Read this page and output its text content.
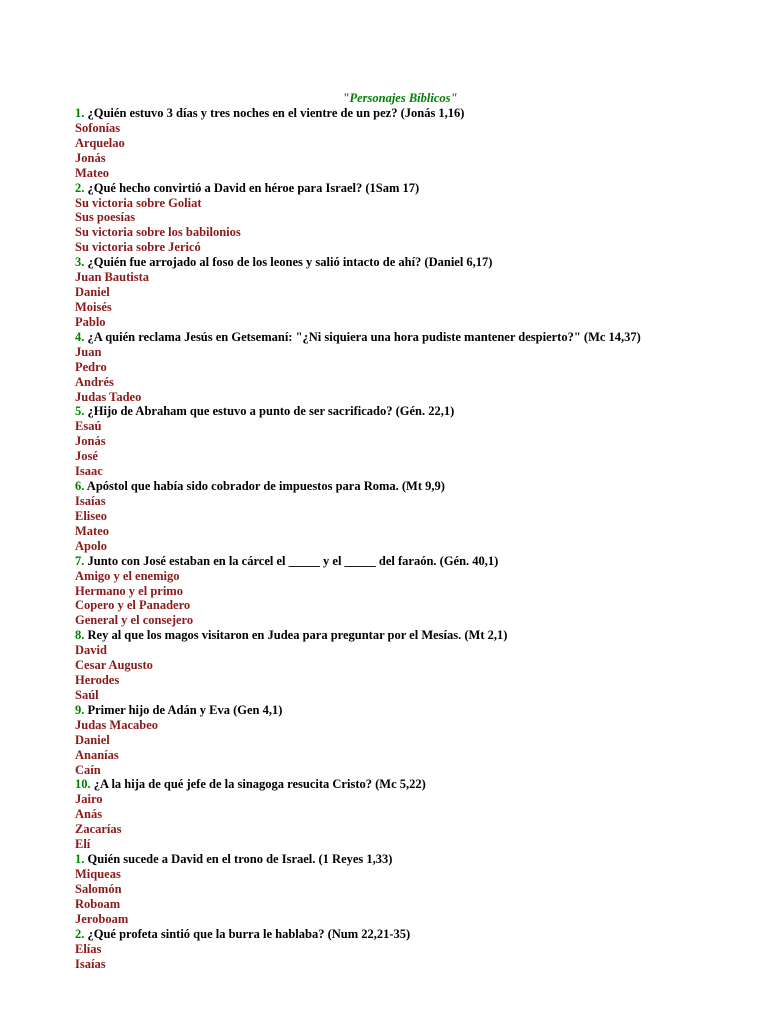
"Personajes Bíblicos"
1. ¿Quién estuvo 3 días y tres noches en el vientre de un pez? (Jonás 1,16)
Sofonías
Arquelao
Jonás
Mateo
2. ¿Qué hecho convirtió a David en héroe para Israel? (1Sam 17)
Su victoria sobre Goliat
Sus poesías
Su victoria sobre los babilonios
Su victoria sobre Jericó
3. ¿Quién fue arrojado al foso de los leones y salió intacto de ahí? (Daniel 6,17)
Juan Bautista
Daniel
Moisés
Pablo
4. ¿A quién reclama Jesús en Getsemaní: "¿Ni siquiera una hora pudiste mantener despierto?" (Mc 14,37)
Juan
Pedro
Andrés
Judas Tadeo
5. ¿Hijo de Abraham que estuvo a punto de ser sacrificado? (Gén. 22,1)
Esaú
Jonás
José
Isaac
6. Apóstol que había sido cobrador de impuestos para Roma. (Mt 9,9)
Isaías
Eliseo
Mateo
Apolo
7. Junto con José estaban en la cárcel el _____ y el _____ del faraón. (Gén. 40,1)
Amigo y el enemigo
Hermano y el primo
Copero y el Panadero
General y el consejero
8. Rey al que los magos visitaron en Judea para preguntar por el Mesías. (Mt 2,1)
David
Cesar Augusto
Herodes
Saúl
9. Primer hijo de Adán y Eva (Gen 4,1)
Judas Macabeo
Daniel
Ananías
Caín
10. ¿A la hija de qué jefe de la sinagoga resucita Cristo? (Mc 5,22)
Jairo
Anás
Zacarías
Elí
1. Quién sucede a David en el trono de Israel. (1 Reyes 1,33)
Miqueas
Salomón
Roboam
Jeroboam
2. ¿Qué profeta sintió que la burra le hablaba? (Num 22,21-35)
Elías
Isaías
